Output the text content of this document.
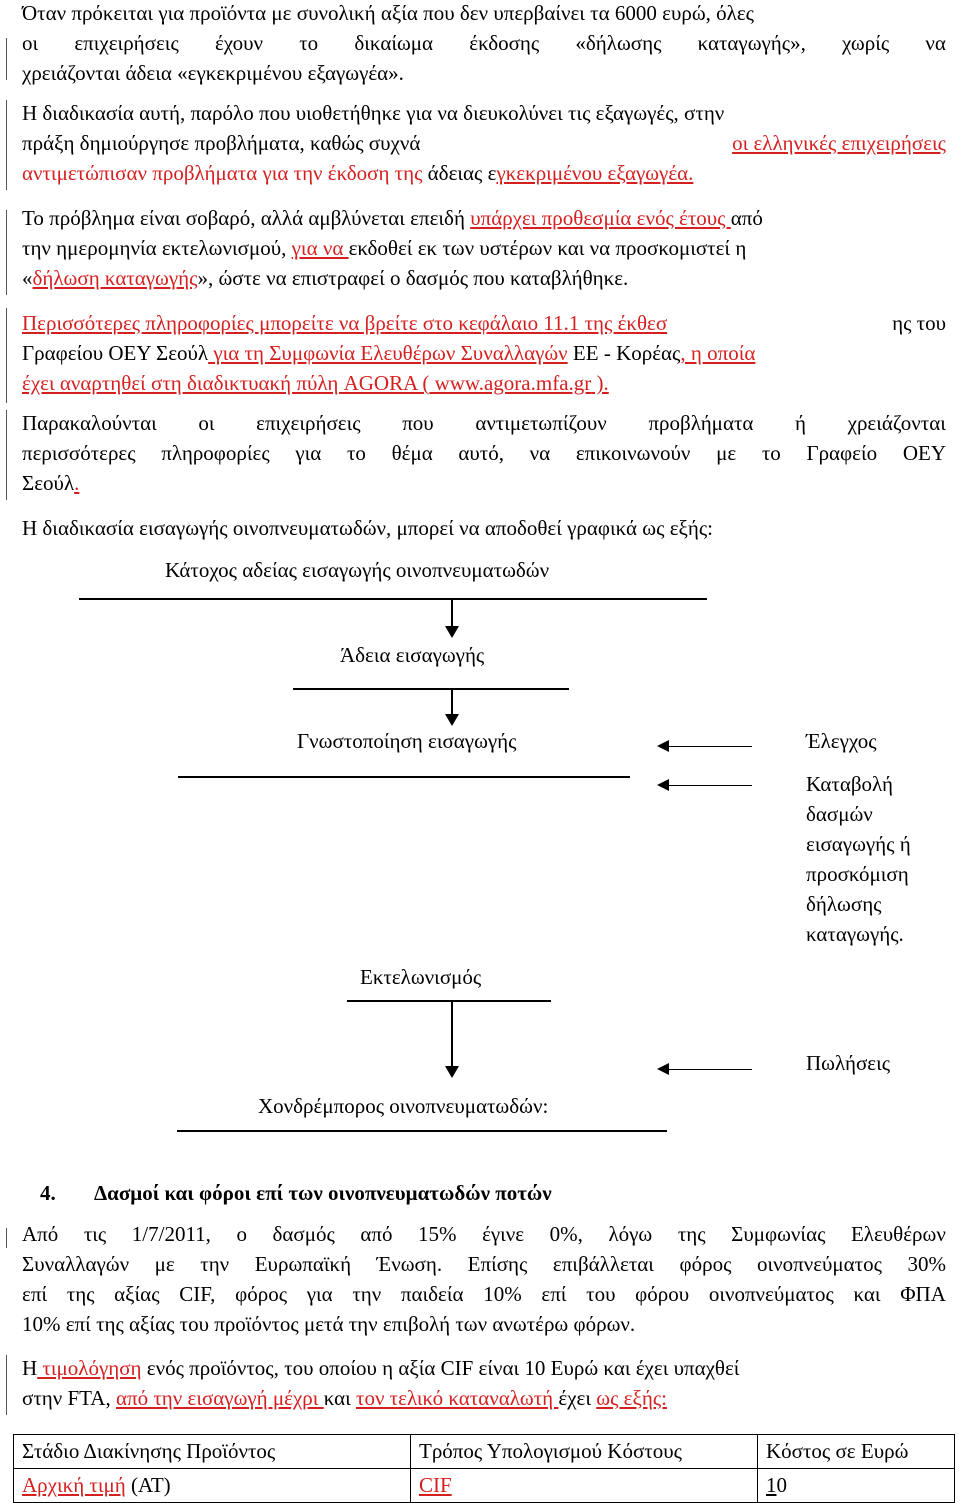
Όταν πρόκειται για προϊόντα με συνολική αξία που δεν υπερβαίνει τα 6000 ευρώ, όλες
οι επιχειρήσεις έχουν το δικαίωμα έκδοσης «δήλωσης καταγωγής», χωρίς να
χρειάζονται άδεια «εγκεκριμένου εξαγωγέα».
Η διαδικασία αυτή, παρόλο που υιοθετήθηκε για να διευκολύνει τις εξαγωγές, στην
πράξη δημιούργησε προβλήματα, καθώς συχνά	οι ελληνικές επιχειρήσεις
αντιμετώπισαν προβλήματα για την έκδοση της άδειας εγκεκριμένου εξαγωγέα.
Το πρόβλημα είναι σοβαρό, αλλά αμβλύνεται επειδή υπάρχει προθεσμία ενός έτους από
την ημερομηνία εκτελωνισμού, για να εκδοθεί εκ των υστέρων και να προσκομιστεί η
«δήλωση καταγωγής», ώστε να επιστραφεί ο δασμός που καταβλήθηκε.
Περισσότερες πληροφορίες μπορείτε να βρείτε στο κεφάλαιο 11.1 της έκθεσ	ης του
Γραφείου ΟΕΥ Σεούλ για τη Συμφωνία Ελευθέρων Συναλλαγών ΕΕ - Κορέας, η οποία
έχει αναρτηθεί στη διαδικτυακή πύλη AGORA ( www.agora.mfa.gr ).
Παρακαλούνται οι επιχειρήσεις που αντιμετωπίζουν προβλήματα ή χρειάζονται
περισσότερες πληροφορίες για το θέμα αυτό, να επικοινωνούν με το Γραφείο ΟΕΥ
Σεούλ.
Η διαδικασία εισαγωγής οινοπνευματωδών, μπορεί να αποδοθεί γραφικά ως εξής:
Κάτοχος αδείας εισαγωγής οινοπνευματωδών
Άδεια εισαγωγής
Γνωστοποίηση εισαγωγής	Έλεγχος
Καταβολή
δασμών
εισαγωγής ή
προσκόμιση
δήλωσης
καταγωγής.
Εκτελωνισμός
Πωλήσεις
Χονδρέμπορος οινοπνευματωδών:
4. Δασμοί και φόροι επί των οινοπνευματωδών ποτών
Από τις 1/7/2011, ο δασμός από 15% έγινε 0%, λόγω της Συμφωνίας Ελευθέρων
Συναλλαγών με την Ευρωπαϊκή Ένωση. Επίσης επιβάλλεται φόρος οινοπνεύματος 30%
επί της αξίας CIF, φόρος για την παιδεία 10% επί του φόρου οινοπνεύματος και ΦΠΑ
10% επί της αξίας του προϊόντος μετά την επιβολή των ανωτέρω φόρων.
Η τιμολόγηση ενός προϊόντος, του οποίου η αξία CIF είναι 10 Ευρώ και έχει υπαχθεί
στην FTA, από την εισαγωγή μέχρι και τον τελικό καταναλωτή έχει ως εξής:
Στάδιο Διακίνησης Προϊόντος	Τρόπος Υπολογισμού Κόστους	Κόστος σε Ευρώ
Αρχική τιμή (AT)	CIF	10
